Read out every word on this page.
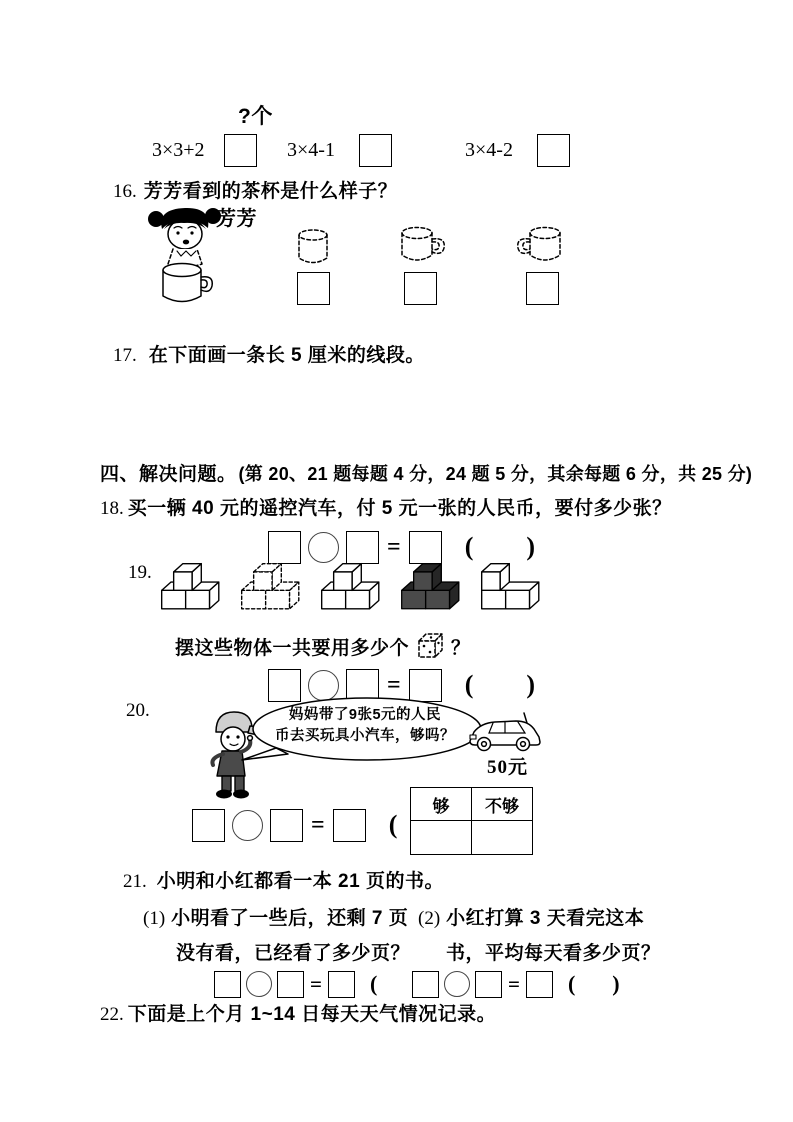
?个
3×3+2	3×4-1	3×4-2
16. 芳芳看到的茶杯是什么样子？
芳芳
17. 在下面画一条长 5 厘米的线段。
四、解决问题。 (第 20、21 题每题 4 分，24 题 5 分，其余每题 6 分，共 25 分)
18. 买一辆 40 元的遥控汽车，付 5 元一张的人民币，要付多少张？
= ( )
19.
摆这些物体一共要用多少个 ？
= ( )
20.	妈妈带了9张5元的人民
币去买玩具小汽车，够吗？
50元
= (
够	不够

21. 小明和小红都看一本 21 页的书。
(1) 小明看了一些后，还剩 7 页
没有看，已经看了多少页？
(2) 小红打算 3 天看完这本
书，平均每天看多少页？
= (	= ( )
22. 下面是上个月 1~14 日每天天气情况记录。
